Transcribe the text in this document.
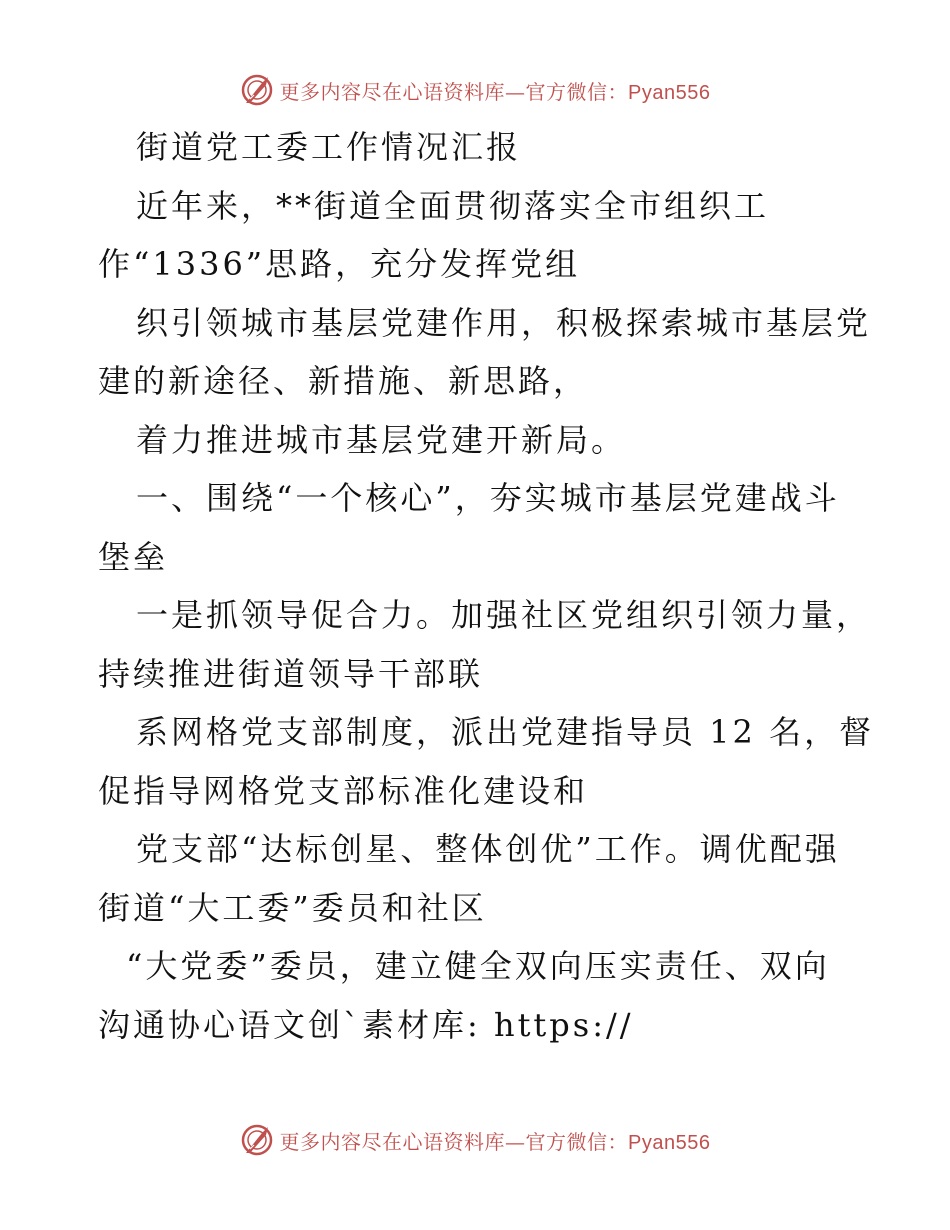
更多内容尽在心语资料库—官方微信：Pyan556
街道党工委工作情况汇报
近年来，**街道全面贯彻落实全市组织工
作“1336”思路，充分发挥党组
织引领城市基层党建作用，积极探索城市基层党
建的新途径、新措施、新思路，
着力推进城市基层党建开新局。
一、围绕“一个核心”，夯实城市基层党建战斗
堡垒
一是抓领导促合力。加强社区党组织引领力量，
持续推进街道领导干部联
系网格党支部制度，派出党建指导员 12 名，督
促指导网格党支部标准化建设和
党支部“达标创星、整体创优”工作。调优配强
街道“大工委”委员和社区
“大党委”委员，建立健全双向压实责任、双向
沟通协心语文创`素材库: https://
更多内容尽在心语资料库—官方微信：Pyan556
